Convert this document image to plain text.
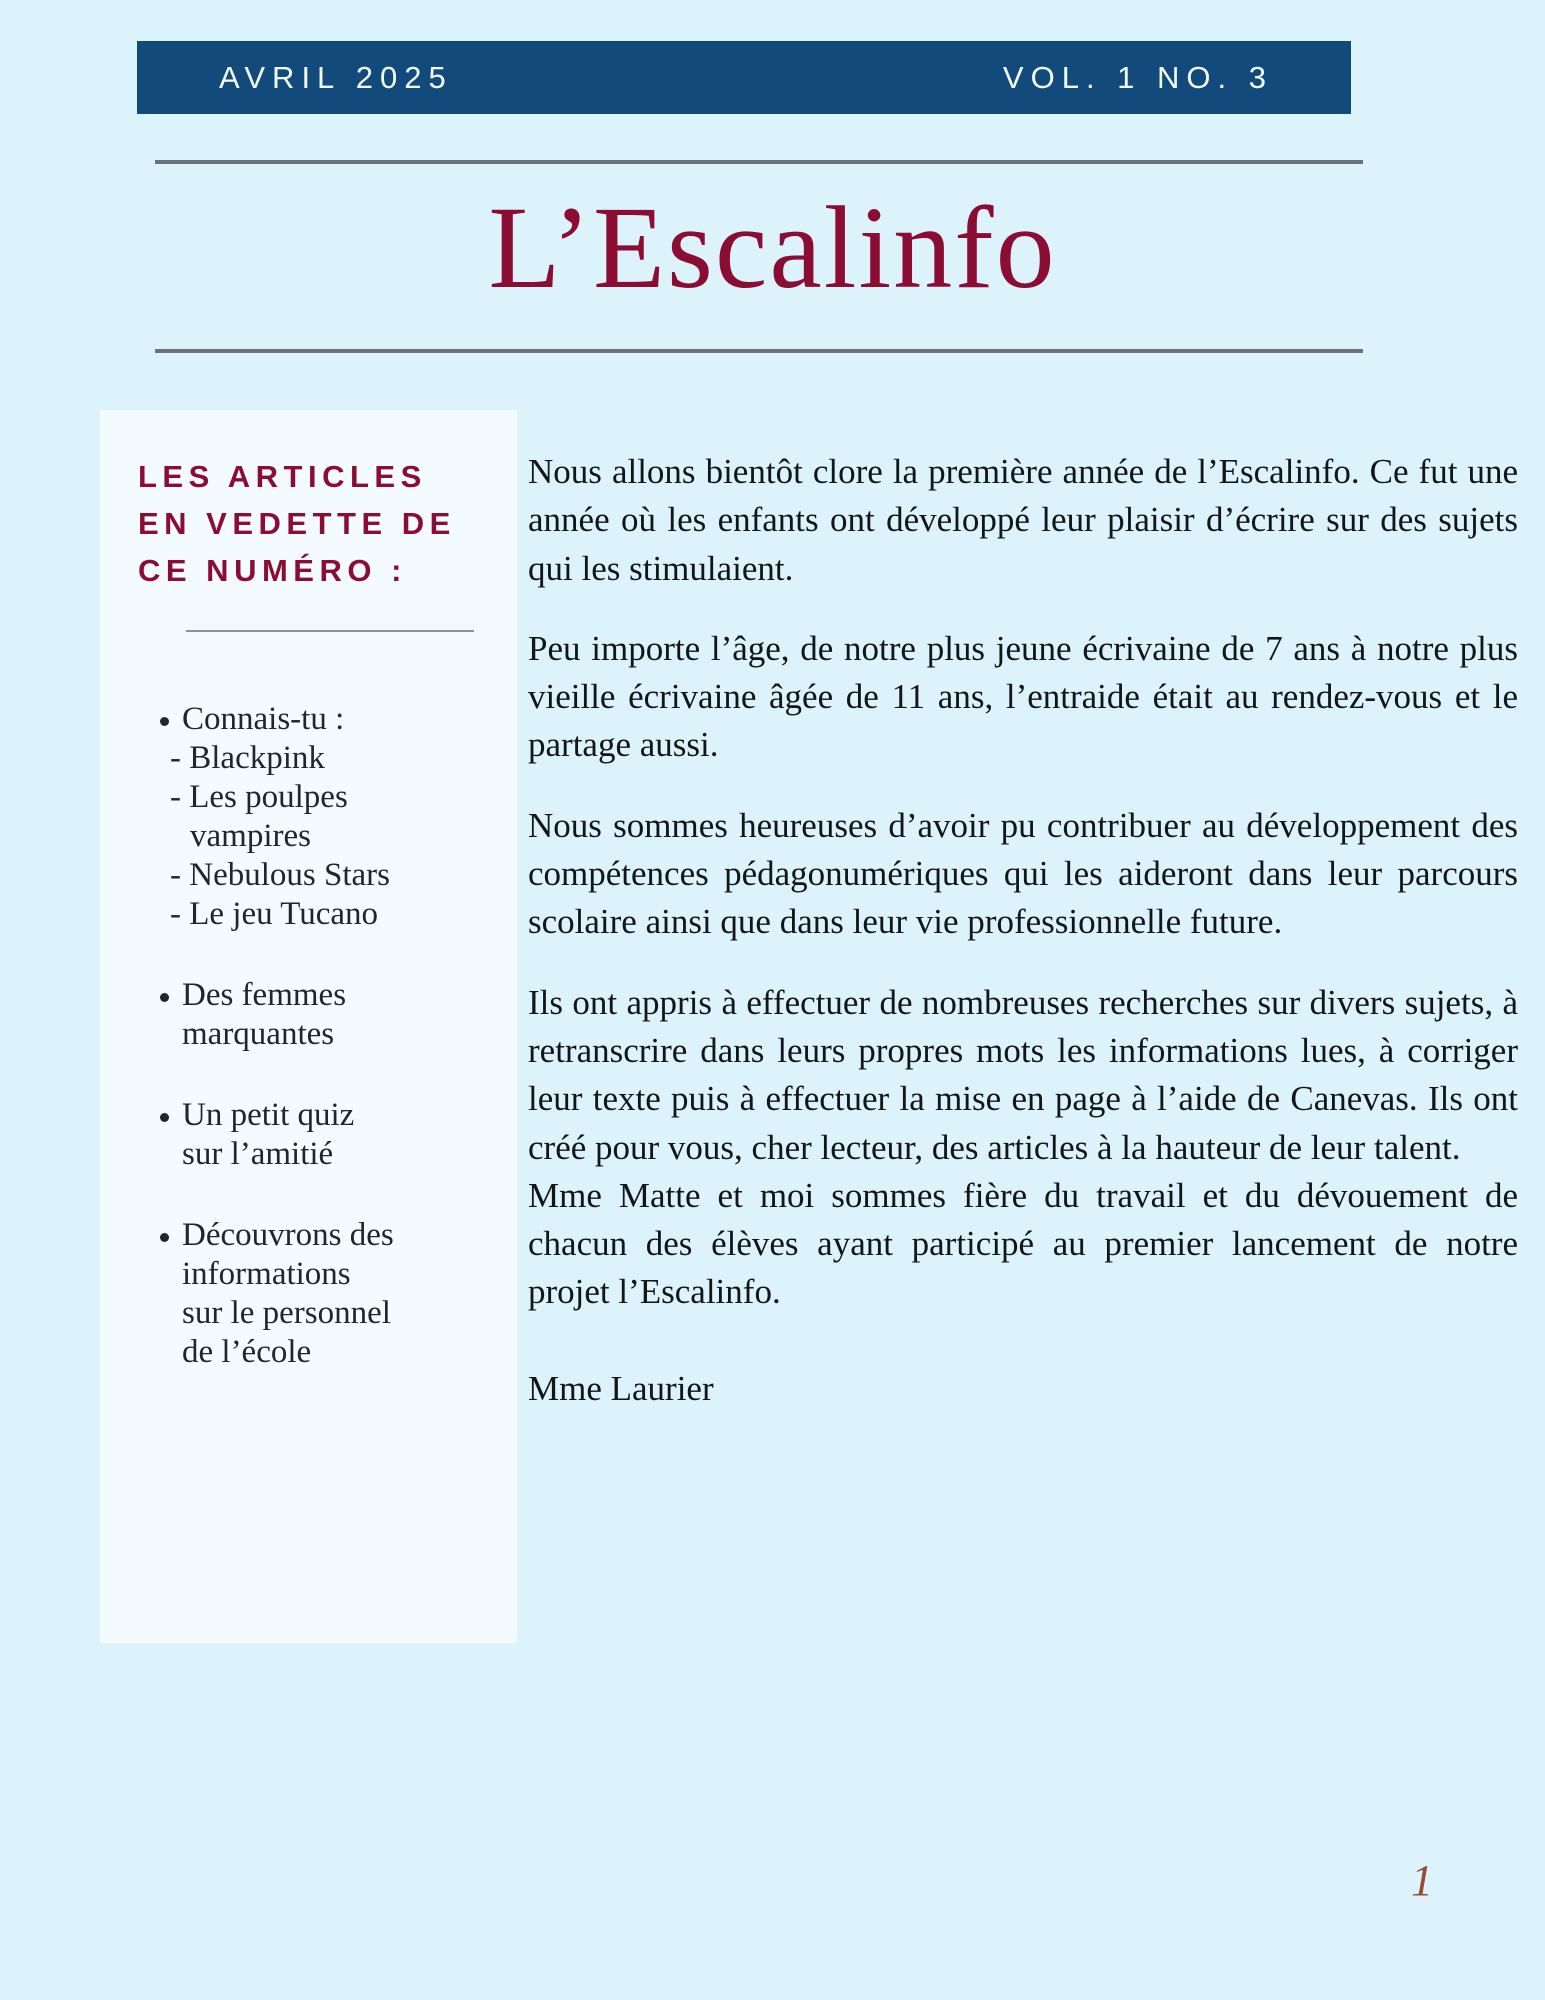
AVRIL 2025	VOL. 1 NO. 3
L’Escalinfo
LES ARTICLES EN VEDETTE DE CE NUMÉRO :
Connais-tu :
- Blackpink
- Les poulpes
vampires
- Nebulous Stars
- Le jeu Tucano
Des femmes
marquantes
Un petit quiz
sur l’amitié
Découvrons des
informations
sur le personnel
de l’école

Nous allons bientôt clore la première année de l’Escalinfo. Ce fut une année où les enfants ont développé leur plaisir d’écrire sur des sujets qui les stimulaient.

Peu importe l’âge, de notre plus jeune écrivaine de 7 ans à notre plus vieille écrivaine âgée de 11 ans, l’entraide était au rendez-vous et le partage aussi.

Nous sommes heureuses d’avoir pu contribuer au développement des compétences pédagonumériques qui les aideront dans leur parcours scolaire ainsi que dans leur vie professionnelle future.

Ils ont appris à effectuer de nombreuses recherches sur divers sujets, à retranscrire dans leurs propres mots les informations lues, à corriger leur texte puis à effectuer la mise en page à l’aide de Canevas. Ils ont créé pour vous, cher lecteur, des articles à la hauteur de leur talent.

Mme Matte et moi sommes fière du travail et du dévouement de chacun des élèves ayant participé au premier lancement de notre projet l’Escalinfo.

Mme Laurier

1
